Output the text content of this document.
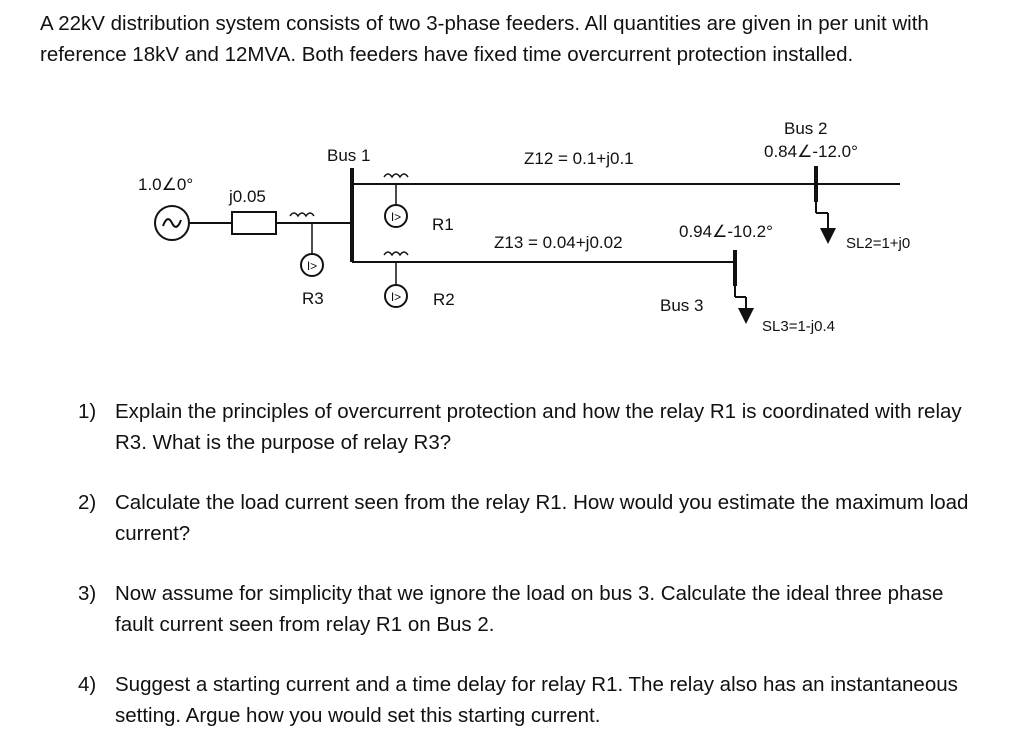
A 22kV distribution system consists of two 3-phase feeders. All quantities are given in per unit with reference 18kV and 12MVA. Both feeders have fixed time overcurrent protection installed.

I>
I>
I>
1.0∠0°
j0.05
Bus 1	Z12 = 0.1+j0.1
Bus 2
0.84∠-12.0°
R1
Z13 = 0.04+j0.02
0.94∠-10.2°
SL2=1+j0
R3	R2	Bus 3
SL3=1-j0.4
1) Explain the principles of overcurrent protection and how the relay R1 is coordinated with relay R3. What is the purpose of relay R3?
2) Calculate the load current seen from the relay R1. How would you estimate the maximum load current?
3) Now assume for simplicity that we ignore the load on bus 3. Calculate the ideal three phase fault current seen from relay R1 on Bus 2.
4) Suggest a starting current and a time delay for relay R1. The relay also has an instantaneous setting. Argue how you would set this starting current.
